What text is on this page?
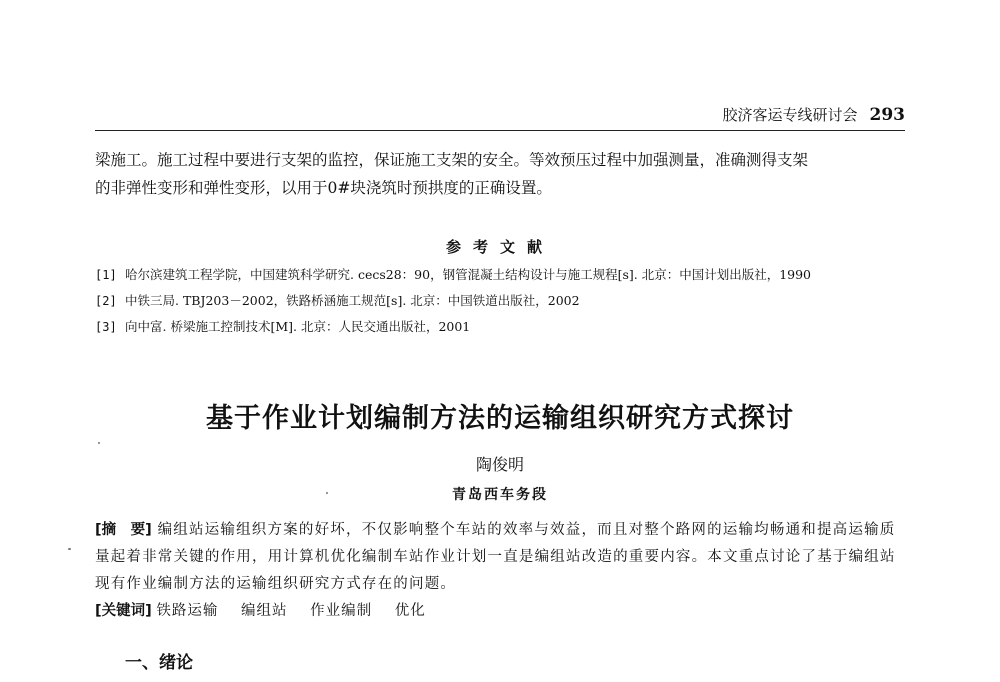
胶济客运专线研讨会 293
梁施工。施工过程中要进行支架的监控，保证施工支架的安全。等效预压过程中加强测量，准确测得支架
的非弹性变形和弹性变形，以用于0#块浇筑时预拱度的正确设置。
参考文献
[1] 哈尔滨建筑工程学院，中国建筑科学研究. cecs28：90，钢管混凝土结构设计与施工规程[s]. 北京：中国计划出版社，1990
[2] 中铁三局. TBJ203－2002，铁路桥涵施工规范[s]. 北京：中国铁道出版社，2002
[3] 向中富. 桥梁施工控制技术[M]. 北京：人民交通出版社，2001
基于作业计划编制方法的运输组织研究方式探讨
陶俊明
青岛西车务段
[摘　要] 编组站运输组织方案的好坏，不仅影响整个车站的效率与效益，而且对整个路网的运输均畅通和提高运输质量起着非常关键的作用，用计算机优化编制车站作业计划一直是编组站改造的重要内容。本文重点讨论了基于编组站现有作业编制方法的运输组织研究方式存在的问题。
[关键词] 铁路运输 编组站 作业编制 优化
一、绪论
